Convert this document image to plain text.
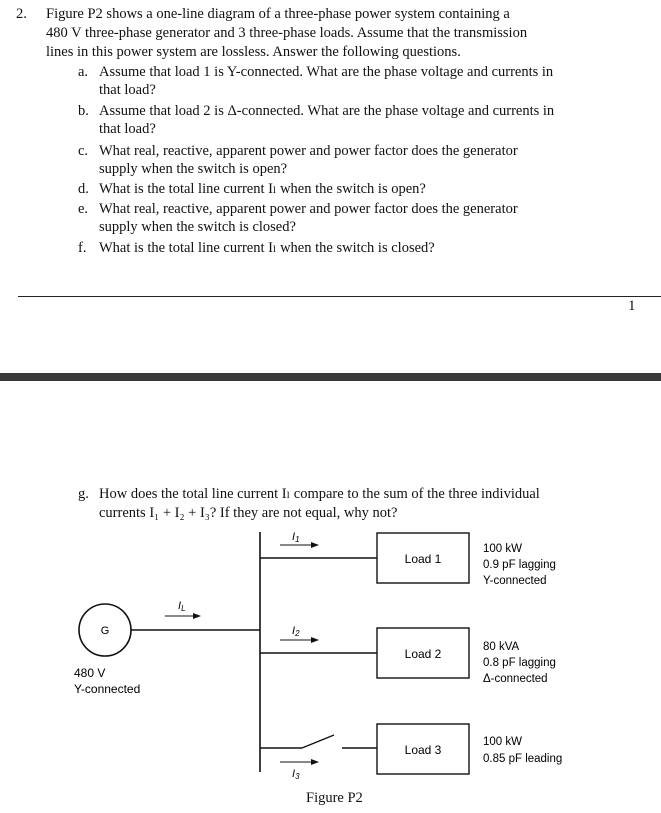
2. Figure P2 shows a one-line diagram of a three-phase power system containing a
480 V three-phase generator and 3 three-phase loads. Assume that the transmission
lines in this power system are lossless. Answer the following questions.
a. Assume that load 1 is Y-connected. What are the phase voltage and currents in
that load?
b. Assume that load 2 is Δ-connected. What are the phase voltage and currents in
that load?
c. What real, reactive, apparent power and power factor does the generator
supply when the switch is open?
d. What is the total line current Iₗ when the switch is open?
e. What real, reactive, apparent power and power factor does the generator
supply when the switch is closed?
f. What is the total line current Iₗ when the switch is closed?
1
g. How does the total line current Iₗ compare to the sum of the three individual
currents I₁ + I₂ + I₃? If they are not equal, why not?
G
480 V
Y-connected
IL
I1
Load 1
100 kW
0.9 pF lagging
Y-connected
I2
Load 2	80 kVA
0.8 pF lagging
Δ-connected
I3
Load 3
100 kW
0.85 pF leading
Figure P2
